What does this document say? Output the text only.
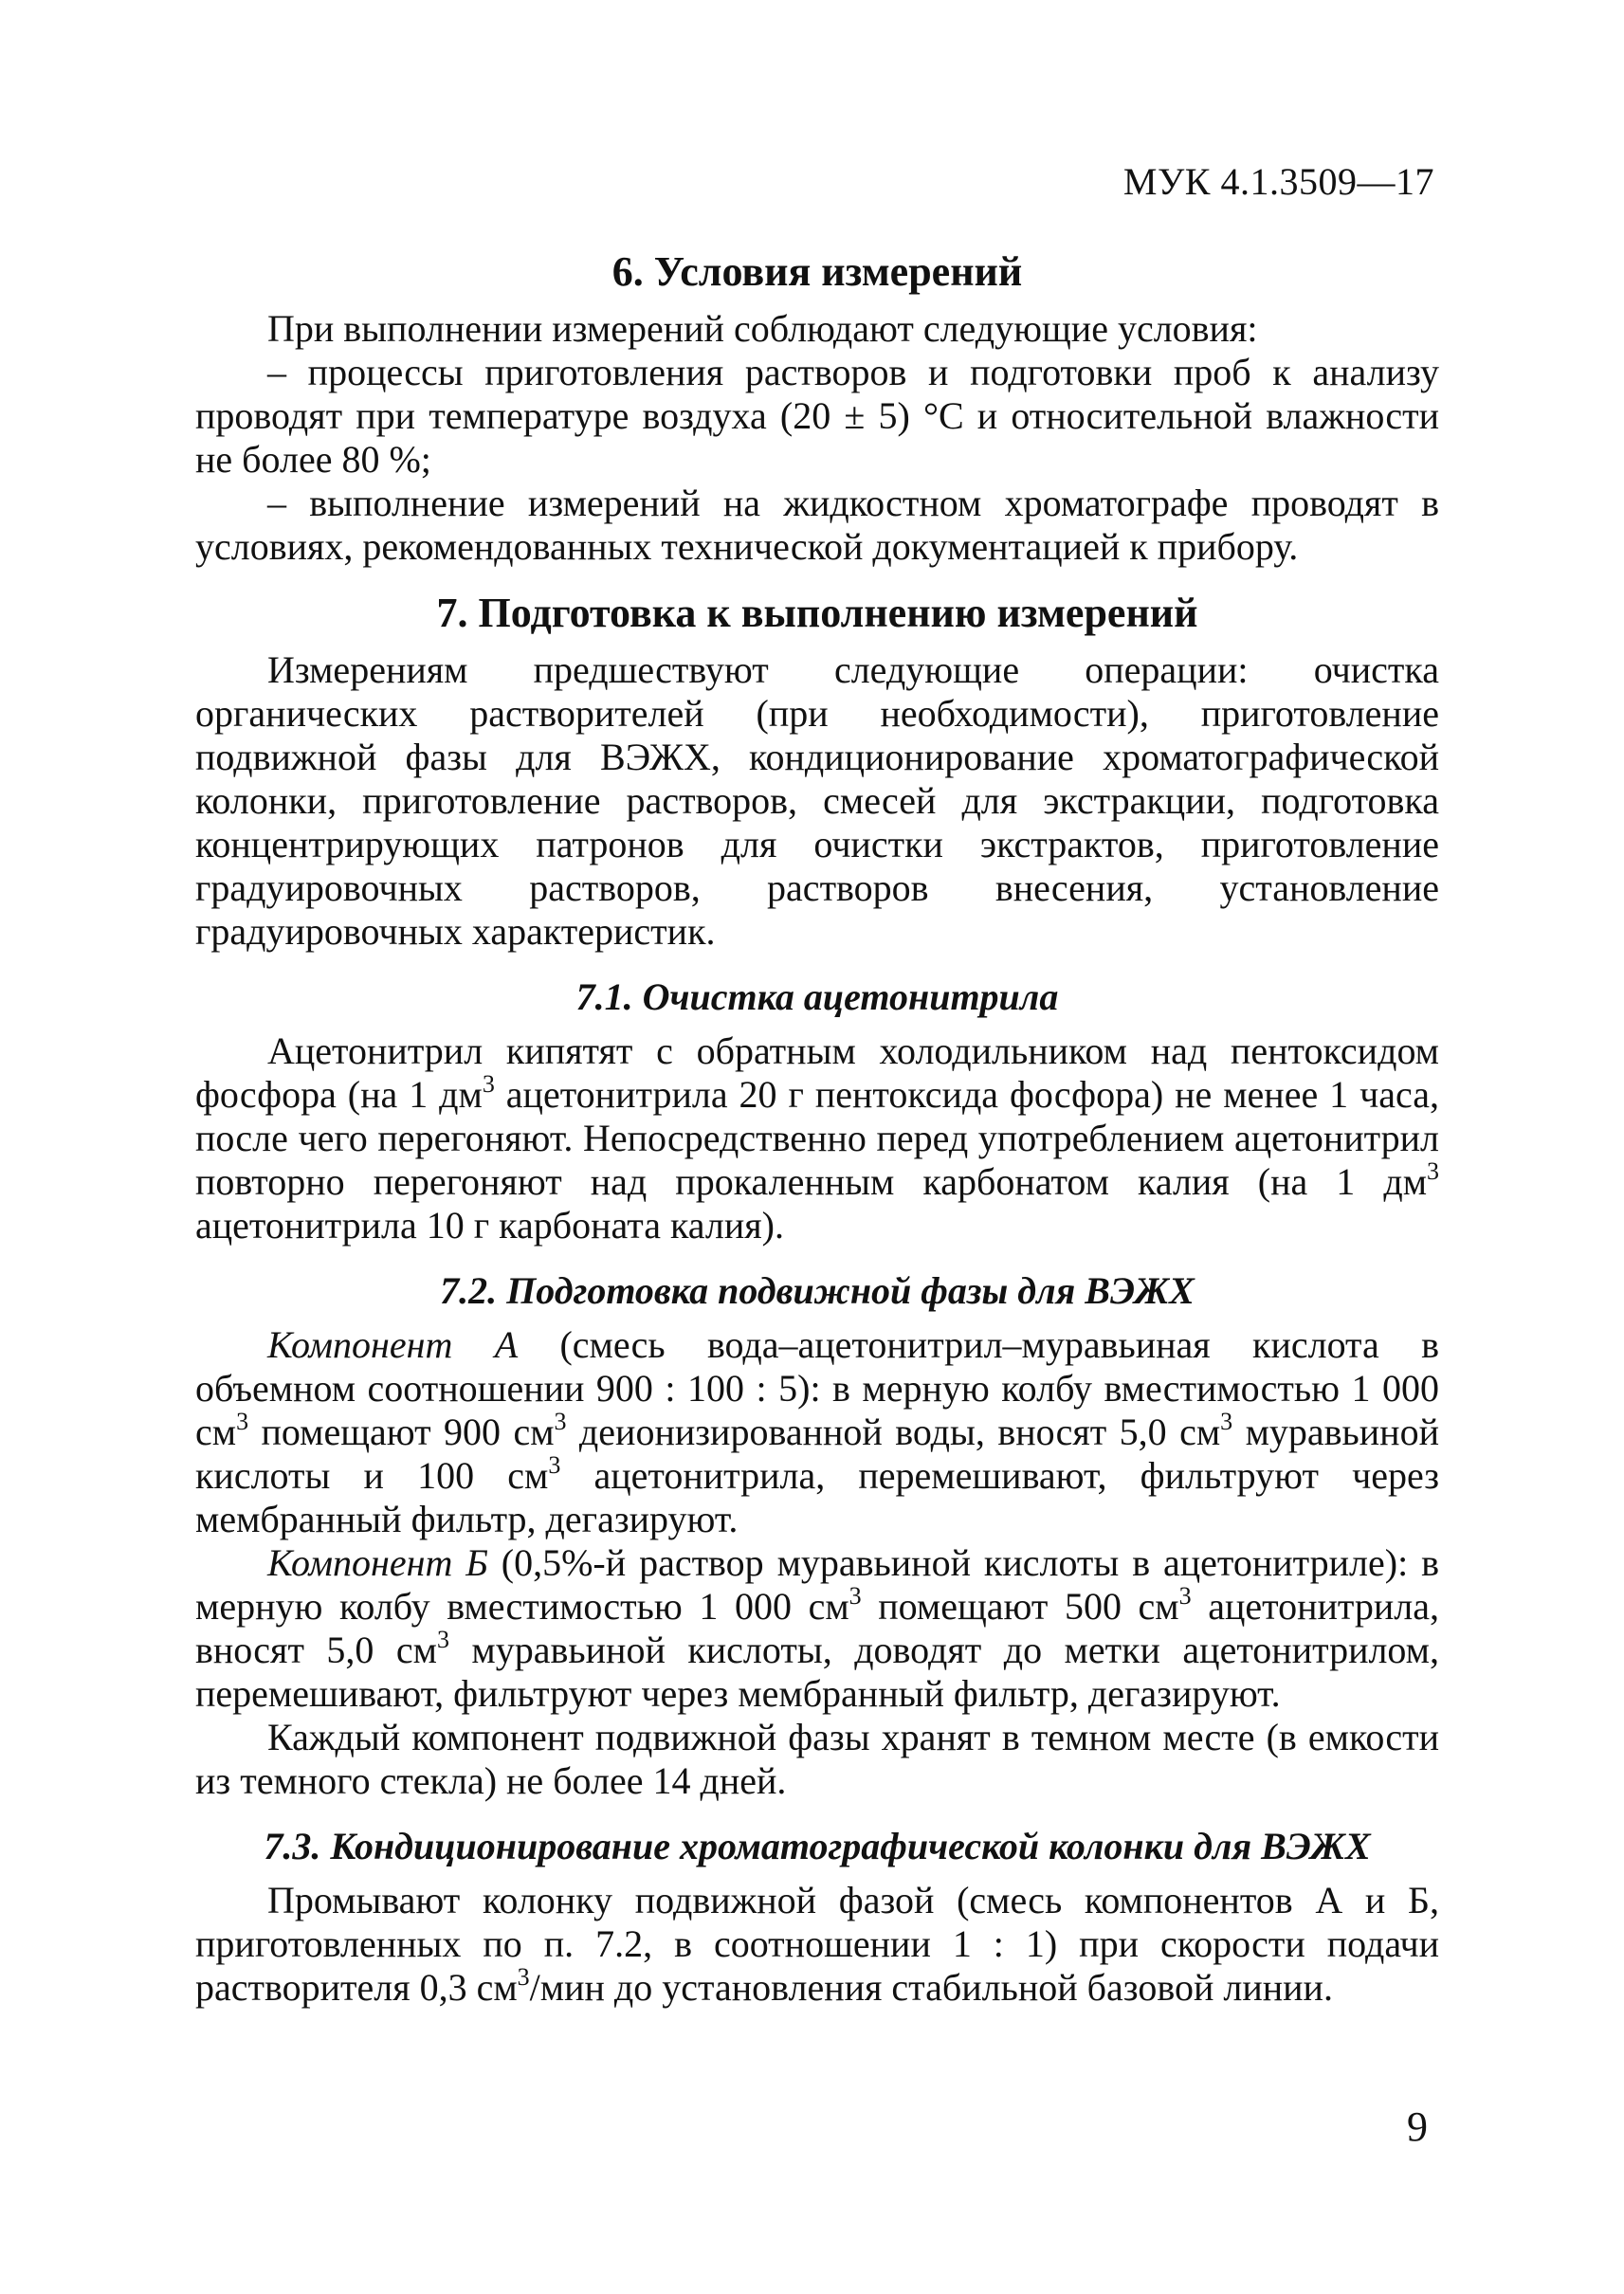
МУК 4.1.3509—17
6. Условия измерений

При выполнении измерений соблюдают следующие условия:

– процессы приготовления растворов и подготовки проб к анализу проводят при температуре воздуха (20 ± 5) °С и относительной влажности не более 80 %;

– выполнение измерений на жидкостном хроматографе проводят в условиях, рекомендованных технической документацией к прибору.

7. Подготовка к выполнению измерений

Измерениям предшествуют следующие операции: очистка органических растворителей (при необходимости), приготовление подвижной фазы для ВЭЖХ, кондиционирование хроматографической колонки, приготовление растворов, смесей для экстракции, подготовка концентрирующих патронов для очистки экстрактов, приготовление градуировочных растворов, растворов внесения, установление градуировочных характеристик.

7.1. Очистка ацетонитрила

Ацетонитрил кипятят с обратным холодильником над пентоксидом фосфора (на 1 $дм^3$ ацетонитрила 20 г пентоксида фосфора) не менее 1 часа, после чего перегоняют. Непосредственно перед употреблением ацетонитрил повторно перегоняют над прокаленным карбонатом калия (на 1 $дм^3$ ацетонитрила 10 г карбоната калия).

7.2. Подготовка подвижной фазы для ВЭЖХ

Компонент А (смесь вода–ацетонитрил–муравьиная кислота в объемном соотношении 900 : 100 : 5): в мерную колбу вместимостью 1 000 $см^3$ помещают 900 $см^3$ деионизированной воды, вносят 5,0 $см^3$ муравьиной кислоты и 100 $см^3$ ацетонитрила, перемешивают, фильтруют через мембранный фильтр, дегазируют.

Компонент Б (0,5%-й раствор муравьиной кислоты в ацетонитриле): в мерную колбу вместимостью 1 000 $см^3$ помещают 500 $см^3$ ацетонитрила, вносят 5,0 $см^3$ муравьиной кислоты, доводят до метки ацетонитрилом, перемешивают, фильтруют через мембранный фильтр, дегазируют.

Каждый компонент подвижной фазы хранят в темном месте (в емкости из темного стекла) не более 14 дней.

7.3. Кондиционирование хроматографической колонки для ВЭЖХ

Промывают колонку подвижной фазой (смесь компонентов А и Б, приготовленных по п. 7.2, в соотношении 1 : 1) при скорости подачи растворителя 0,3 $см^3$/мин до установления стабильной базовой линии.

9
